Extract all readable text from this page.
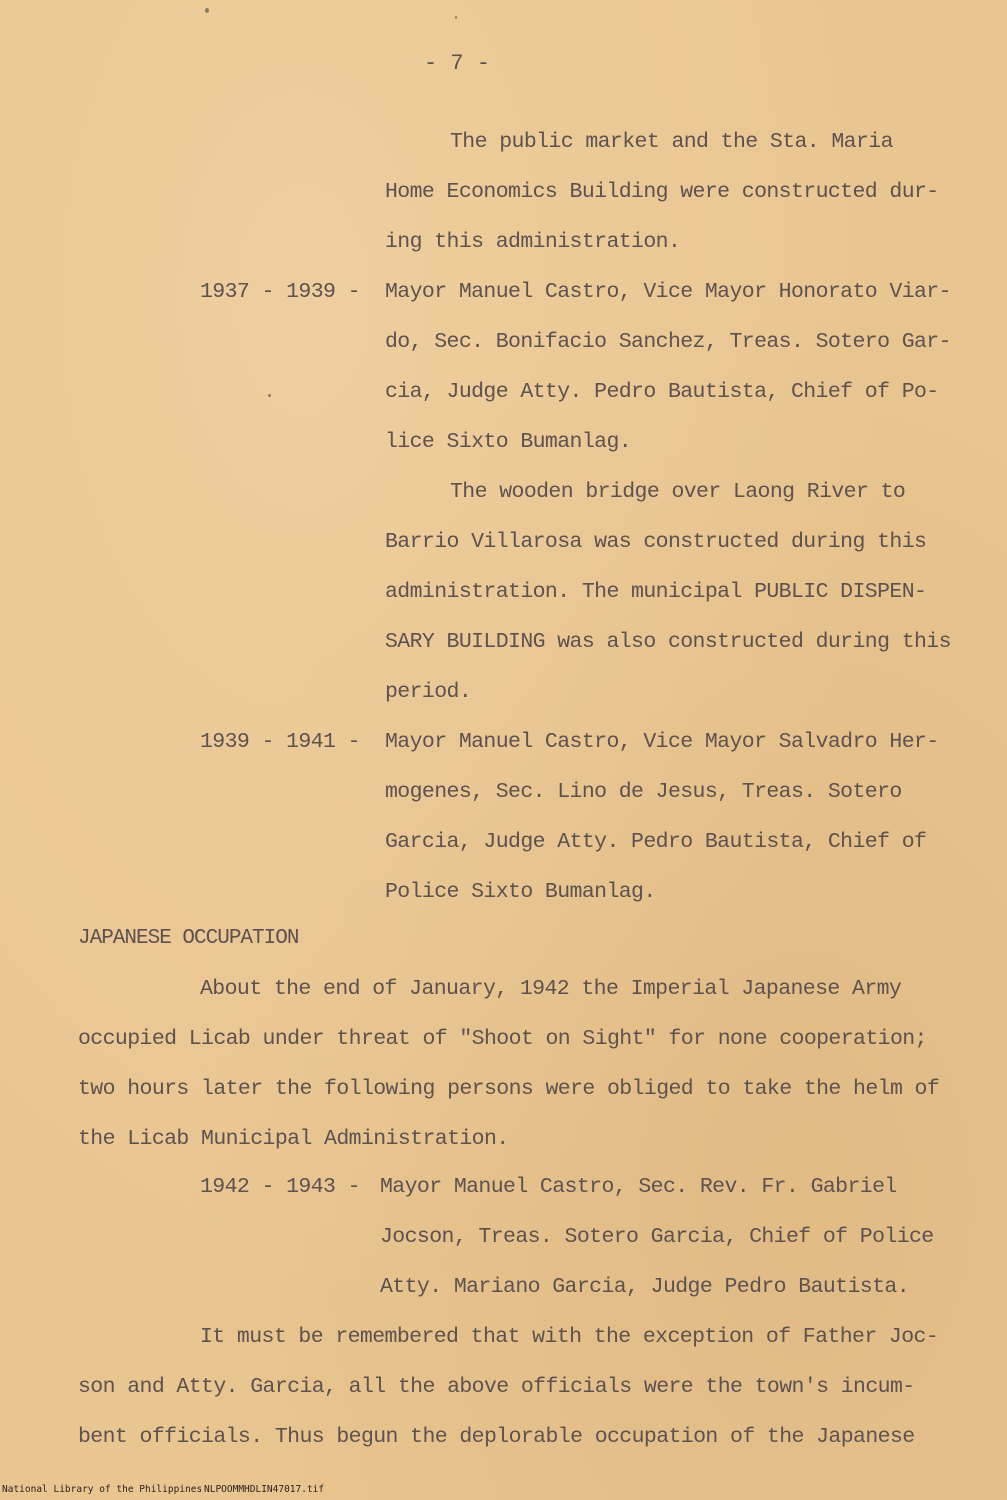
- 7 -
The public market and the Sta. Maria
Home Economics Building were constructed dur-
ing this administration.
1937 - 1939 - Mayor Manuel Castro, Vice Mayor Honorato Viar-
do, Sec. Bonifacio Sanchez, Treas. Sotero Gar-
cia, Judge Atty. Pedro Bautista, Chief of Po-
lice Sixto Bumanlag.
The wooden bridge over Laong River to
Barrio Villarosa was constructed during this
administration. The municipal PUBLIC DISPEN-
SARY BUILDING was also constructed during this
period.
1939 - 1941 - Mayor Manuel Castro, Vice Mayor Salvadro Her-
mogenes, Sec. Lino de Jesus, Treas. Sotero
Garcia, Judge Atty. Pedro Bautista, Chief of
Police Sixto Bumanlag.
JAPANESE OCCUPATION
About the end of January, 1942 the Imperial Japanese Army
occupied Licab under threat of "Shoot on Sight" for none cooperation;
two hours later the following persons were obliged to take the helm of
the Licab Municipal Administration.
1942 - 1943 - Mayor Manuel Castro, Sec. Rev. Fr. Gabriel
Jocson, Treas. Sotero Garcia, Chief of Police
Atty. Mariano Garcia, Judge Pedro Bautista.
It must be remembered that with the exception of Father Joc-
son and Atty. Garcia, all the above officials were the town's incum-
bent officials. Thus begun the deplorable occupation of the Japanese
National Library of the Philippines NLPOOMMHDLIN47017.tif
